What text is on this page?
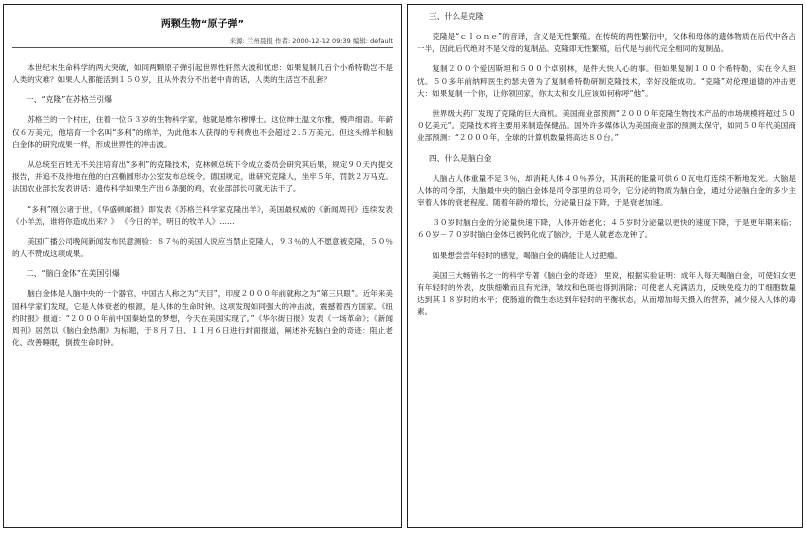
两颗生物“原子弹”
来源: 兰州晨报 作者: 2000-12-12 09:39 编辑: default

本世纪末生命科学的两大突破，如同两颗原子弹引起世界性轩然大波和忧虑：如果复制几百个小希特勒岂不是人类的灾难？如果人人都能活到１５０岁，且从外表分不出老中青的话，人类的生活岂不乱套？

一、“克隆”在苏格兰引爆

苏格兰的一个村庄，住着一位５３岁的生物科学家，他就是维尔穆博士。这位绅士温文尔雅，慢声细语。年薪仅６万美元，他培育一个名叫“多利”的绵羊，为此他本人获得的专利费也不会超过２.５万美元。但这头绵羊和脑白金体的研究成果一样，形成世界性的冲击波。

从总统至百姓无不关注培育出“多利”的克隆技术，克林顿总统下令成立委员会研究其后果，规定９０天内提交报告，并追不及待地在他的白宫椭圆形办公室发布总统令。德国规定，谁研究克隆人，坐牢５年，罚款２万马克。法国农业部长发表讲话：遗传科学如果生产出６条腿的鸡，农业部部长可就无法干了。

“多利”刚公诸于世，《华盛顿邮报》即发表《苏格兰科学家克隆出羊》，美国最权威的《新闻周刊》连续发表《小羊羔，谁将你造成出来？》 《今日的羊，明日的牧羊人》……

美国广播公司晚间新闻发布民意测验：８７％的美国人说应当禁止克隆人，９３％的人不愿意被克隆，５０％的人不赞成这项成果。

二、“脑白金体”在美国引爆

脑白金体是人脑中央的一个器官，中国古人称之为“天目”，印度２０００年前就称之为“第三只眼”。近年来美国科学家们发现，它是人体衰老的根源，是人体的生命时钟。这项发现如同强大的冲击波，震撼着西方国家。《纽约时报》报道：“２０００年前中国秦始皇的梦想，今天在美国实现了。”《华尔街日报》发表《一场革命》；《新闻周刊》居然以《脑白金热潮》为标题，于８月７日、１１月６日进行封面报道，阐述补充脑白金的奇迹：阻止老化、改善睡眠，倒拨生命时钟。

三、什么是克隆

克隆是“ｃｌｏｎｅ”的音译，含义是无性繁殖。在传统的两性繁衍中，父体和母体的遗体物质在后代中各占一半，因此后代绝对不是父母的复制品。克隆即无性繁殖，后代是与前代完全相同的复制品。

复制２００个爱因斯坦和５００个卓别林，是件大快人心的事。但如果复制１００个希特勒，实在令人担忧。５０多年前纳粹医生约瑟夫曾为了复制希特勒研制克隆技术，幸好没能成功。“克隆”对伦理道德的冲击更大：如果复制一个你，让你领回家，你太太和女儿应该如何称呼“他”。

世界级大药厂发现了克隆的巨大商机。美国商业部预测“２０００年克隆生物技术产品的市场规模将超过５００亿美元”。克隆技术将主要用来制造保健品。国外许多媒体认为美国商业部的预测太保守，如同５０年代美国商业部预测：“２０００年，全球的计算机数量将高达８０台。”

四、什么是脑白金

人脑占人体重量不足３％，却消耗人体４０％养分，其消耗的能量可供６０瓦电灯连续不断地发光。大脑是人体的司令部，大脑最中央的脑白金体是司令部里的总司令，它分泌的物质为脑白金，通过分泌脑白金的多少主宰着人体的衰老程度。随着年龄的增长，分泌量日益下降，于是衰老加速。

３０岁时脑白金的分泌量快速下降，人体开始老化；４５岁时分泌量以更快的速度下降，于是更年期来临；６０岁－７０岁时脑白金体已被钙化成了脑沙，于是人就老态龙钟了。

如果想尝尝年轻时的感觉，喝脑白金的确能让人过把瘾。

美国三大畅销书之一的科学专著《脑白金的奇迹》 里说，根据实验证明：成年人每天喝脑白金，可使妇女更有年轻时的外表，皮肤细嫩而且有光泽，皱纹和色斑也得到消除；可使老人充满活力，反映免疫力的Ｔ细胞数量达到其１８岁时的水平；使肠道的微生态达到年轻时的平衡状态，从而增加每天摄入的营养，减少侵入人体的毒素。
